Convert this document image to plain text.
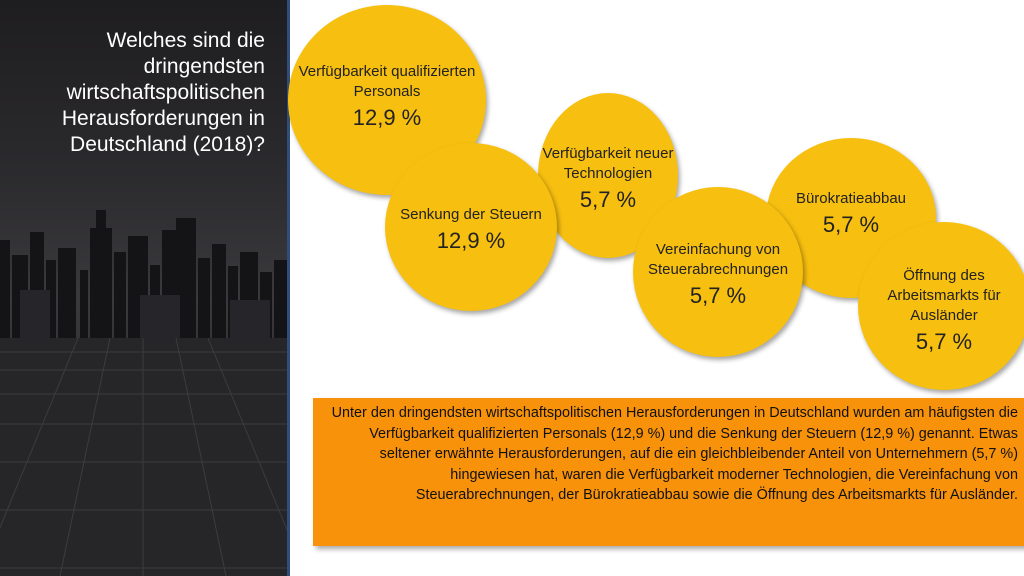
Welches sind die dringendsten wirtschaftspolitischen Herausforderungen in Deutschland (2018)?
Verfügbarkeit qualifizierten Personals
12,9 %
Senkung der Steuern
12,9 %
Verfügbarkeit neuer Technologien
5,7 %
Vereinfachung von Steuerabrechnungen
5,7 %
Bürokratieabbau
5,7 %
Öffnung des Arbeitsmarkts für Ausländer
5,7 %
Unter den dringendsten wirtschaftspolitischen Herausforderungen in Deutschland wurden am häufigsten die Verfügbarkeit qualifizierten Personals (12,9 %) und die Senkung der Steuern (12,9 %) genannt. Etwas seltener erwähnte Herausforderungen, auf die ein gleichbleibender Anteil von Unternehmern (5,7 %) hingewiesen hat, waren die Verfügbarkeit moderner Technologien, die Vereinfachung von Steuerabrechnungen, der Bürokratieabbau sowie die Öffnung des Arbeitsmarkts für Ausländer.
